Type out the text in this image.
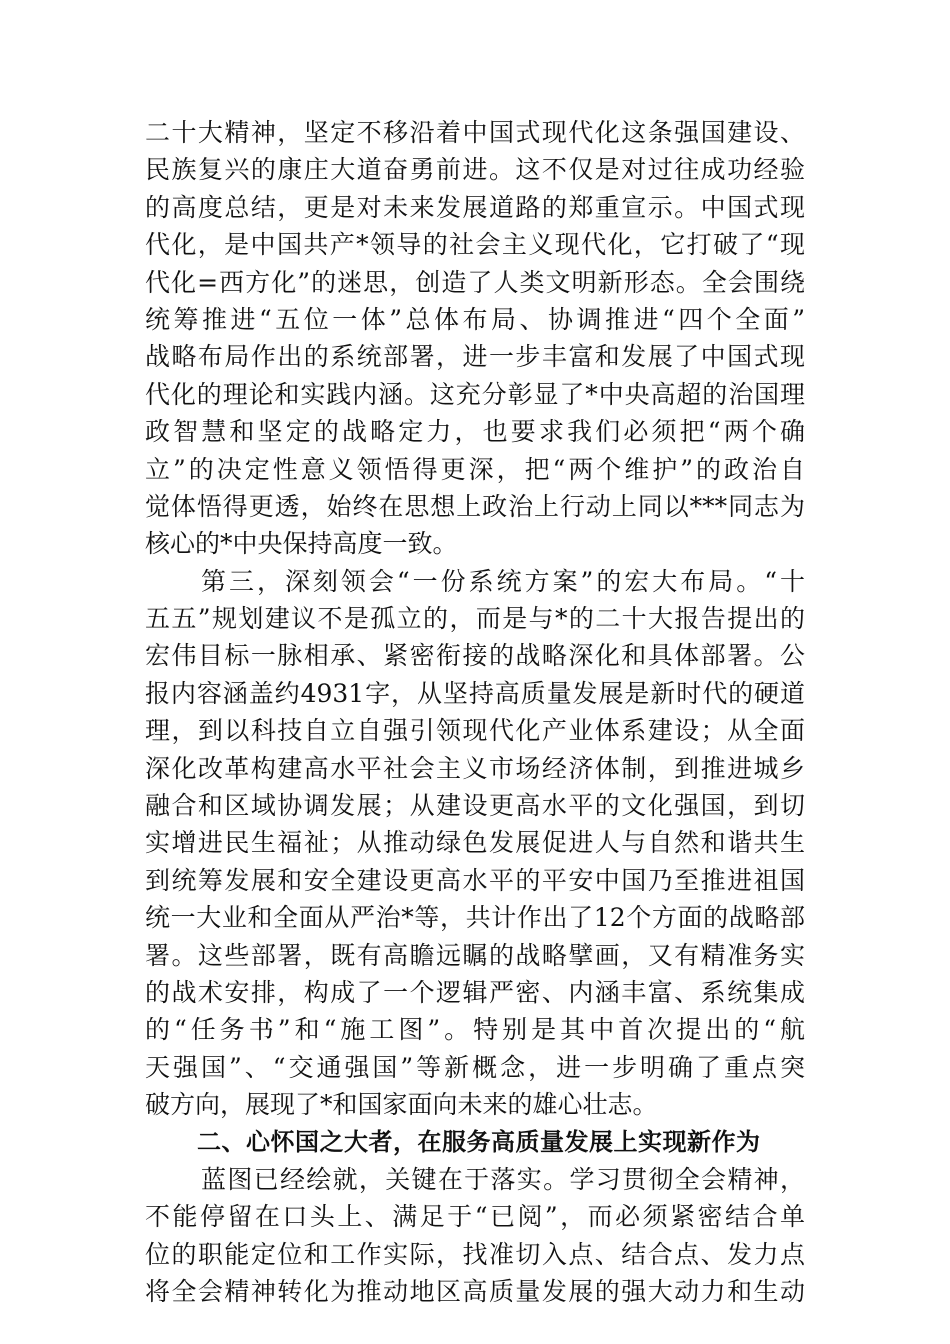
二十大精神，坚定不移沿着中国式现代化这条强国建设、
民族复兴的康庄大道奋勇前进。这不仅是对过往成功经验
的高度总结，更是对未来发展道路的郑重宣示。中国式现
代化，是中国共产*领导的社会主义现代化，它打破了“现
代化=西方化”的迷思，创造了人类文明新形态。全会围绕
统筹推进“五位一体”总体布局、协调推进“四个全面”
战略布局作出的系统部署，进一步丰富和发展了中国式现
代化的理论和实践内涵。这充分彰显了*中央高超的治国理
政智慧和坚定的战略定力，也要求我们必须把“两个确
立”的决定性意义领悟得更深，把“两个维护”的政治自
觉体悟得更透，始终在思想上政治上行动上同以***同志为
核心的*中央保持高度一致。
第三，深刻领会“一份系统方案”的宏大布局。“十
五五”规划建议不是孤立的，而是与*的二十大报告提出的
宏伟目标一脉相承、紧密衔接的战略深化和具体部署。公
报内容涵盖约4931字，从坚持高质量发展是新时代的硬道
理，到以科技自立自强引领现代化产业体系建设；从全面
深化改革构建高水平社会主义市场经济体制，到推进城乡
融合和区域协调发展；从建设更高水平的文化强国，到切
实增进民生福祉；从推动绿色发展促进人与自然和谐共生
到统筹发展和安全建设更高水平的平安中国乃至推进祖国
统一大业和全面从严治*等，共计作出了12个方面的战略部
署。这些部署，既有高瞻远瞩的战略擘画，又有精准务实
的战术安排，构成了一个逻辑严密、内涵丰富、系统集成
的“任务书”和“施工图”。特别是其中首次提出的“航
天强国”、“交通强国”等新概念，进一步明确了重点突
破方向，展现了*和国家面向未来的雄心壮志。
二、心怀国之大者，在服务高质量发展上实现新作为
蓝图已经绘就，关键在于落实。学习贯彻全会精神，
不能停留在口头上、满足于“已阅”，而必须紧密结合单
位的职能定位和工作实际，找准切入点、结合点、发力点
将全会精神转化为推动地区高质量发展的强大动力和生动
